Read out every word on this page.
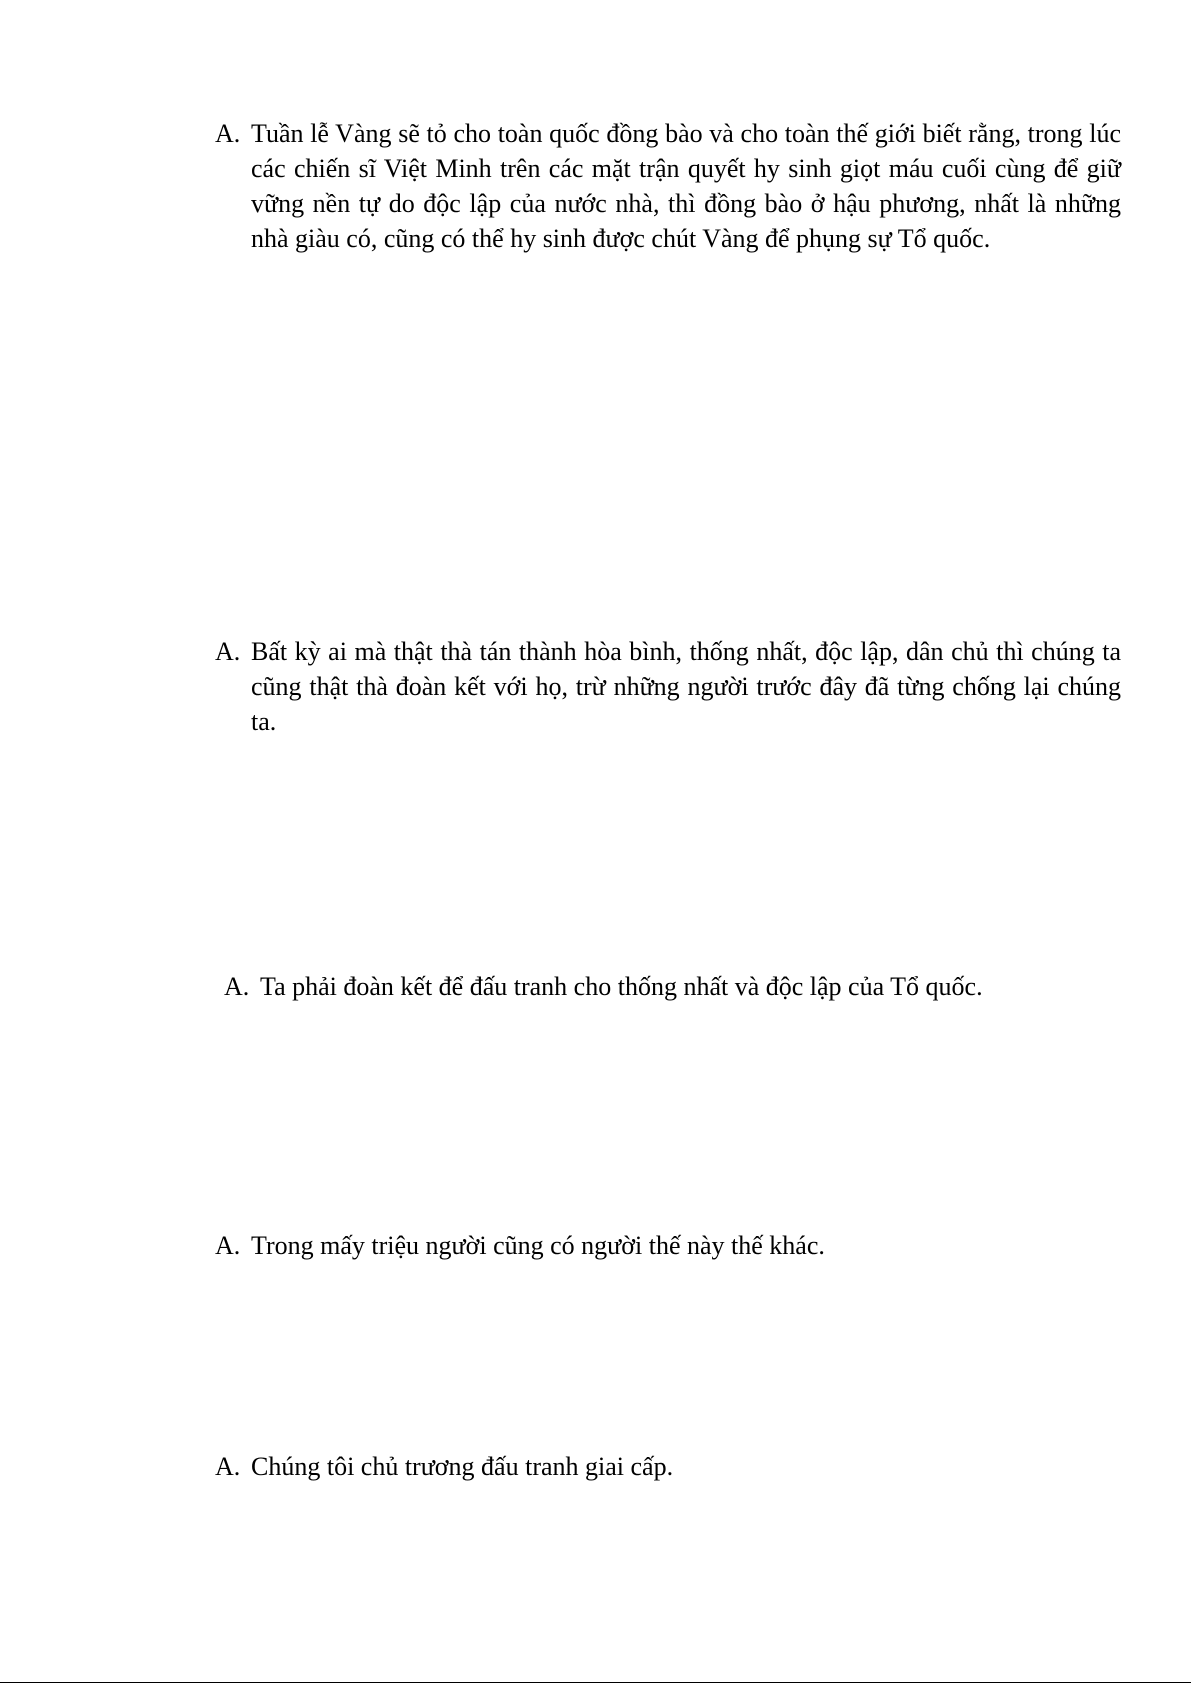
A. Tuần lễ Vàng sẽ tỏ cho toàn quốc đồng bào và cho toàn thế giới biết rằng, trong lúc các chiến sĩ Việt Minh trên các mặt trận quyết hy sinh giọt máu cuối cùng để giữ vững nền tự do độc lập của nước nhà, thì đồng bào ở hậu phương, nhất là những nhà giàu có, cũng có thể hy sinh được chút Vàng để phụng sự Tổ quốc.
A. Bất kỳ ai mà thật thà tán thành hòa bình, thống nhất, độc lập, dân chủ thì chúng ta cũng thật thà đoàn kết với họ, trừ những người trước đây đã từng chống lại chúng ta.
A. Ta phải đoàn kết để đấu tranh cho thống nhất và độc lập của Tổ quốc.
A. Trong mấy triệu người cũng có người thế này thế khác.
A. Chúng tôi chủ trương đấu tranh giai cấp.
